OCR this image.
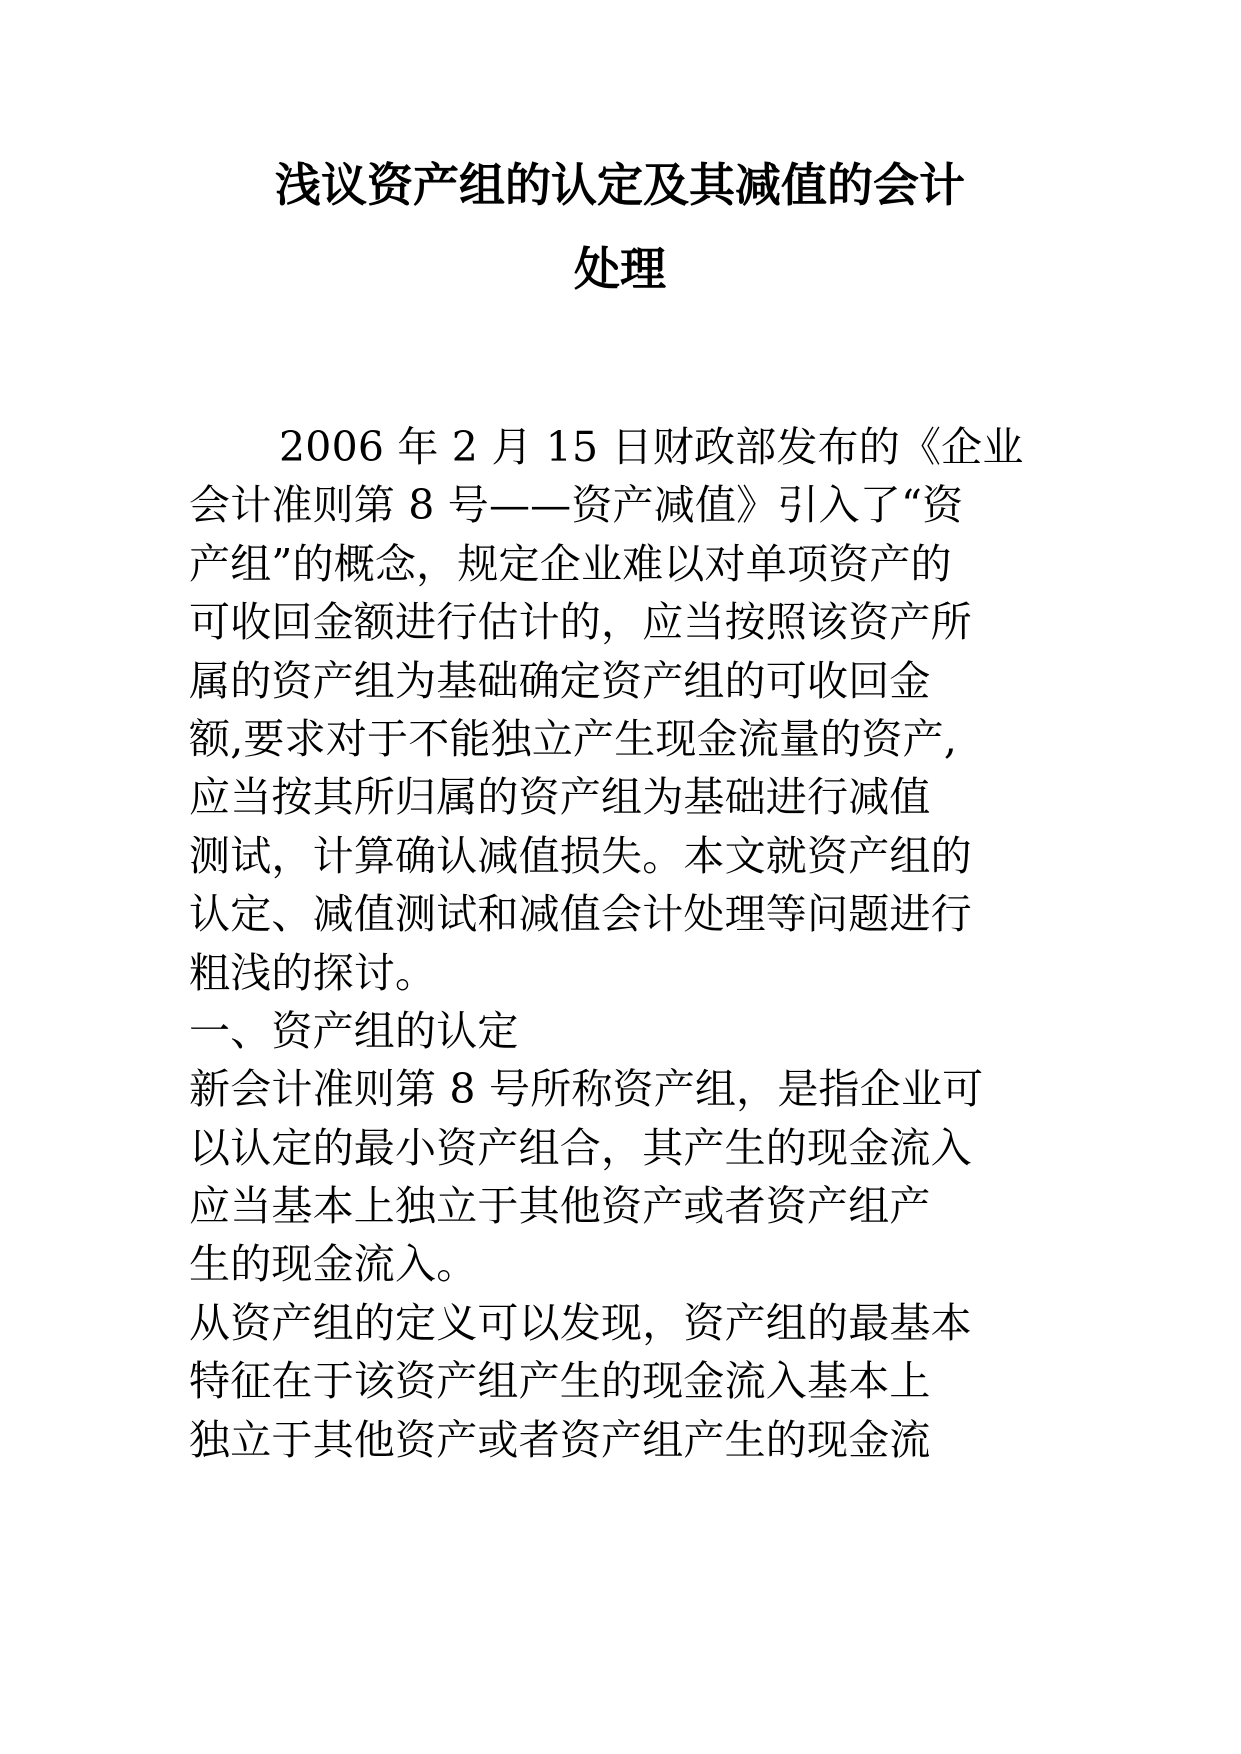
浅议资产组的认定及其减值的会计
处理
2006 年 2 月 15 日财政部发布的《企业
会计准则第 8 号——资产减值》引入了“资
产组”的概念，规定企业难以对单项资产的
可收回金额进行估计的，应当按照该资产所
属的资产组为基础确定资产组的可收回金
额,要求对于不能独立产生现金流量的资产,
应当按其所归属的资产组为基础进行减值
测试，计算确认减值损失。本文就资产组的
认定、减值测试和减值会计处理等问题进行
粗浅的探讨。
一、资产组的认定
新会计准则第 8 号所称资产组，是指企业可
以认定的最小资产组合，其产生的现金流入
应当基本上独立于其他资产或者资产组产
生的现金流入。
从资产组的定义可以发现，资产组的最基本
特征在于该资产组产生的现金流入基本上
独立于其他资产或者资产组产生的现金流
